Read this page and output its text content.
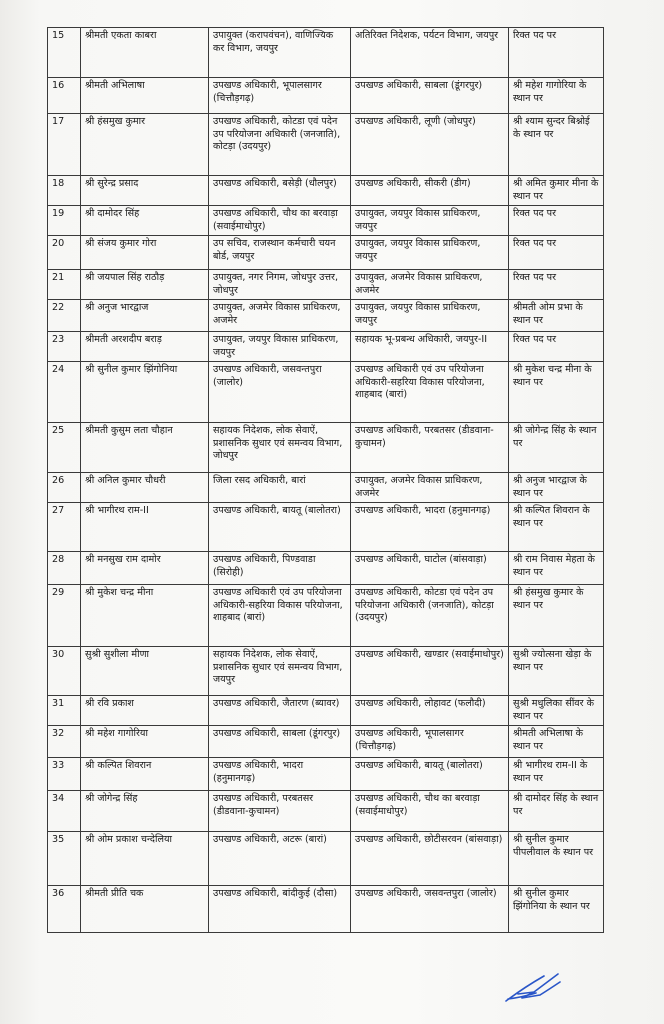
15	श्रीमती एकता काबरा	उपायुक्त (करापवंचन), वाणिज्यिक कर विभाग, जयपुर	अतिरिक्त निदेशक, पर्यटन विभाग, जयपुर	रिक्त पद पर
16	श्रीमती अभिलाषा	उपखण्ड अधिकारी, भूपालसागर (चित्तौड़गढ़)	उपखण्ड अधिकारी, साबला (डूंगरपुर)	श्री महेश गागोरिया के स्थान पर
17	श्री हंसमुख कुमार	उपखण्ड अधिकारी, कोटडा एवं पदेन उप परियोजना अधिकारी (जनजाति), कोटड़ा (उदयपुर)	उपखण्ड अधिकारी, लूणी (जोधपुर)	श्री श्याम सुन्दर बिश्नोई के स्थान पर
18	श्री सुरेन्द्र प्रसाद	उपखण्ड अधिकारी, बसेड़ी (धौलपुर)	उपखण्ड अधिकारी, सीकरी (डीग)	श्री अमित कुमार मीना के स्थान पर
19	श्री दामोदर सिंह	उपखण्ड अधिकारी, चौथ का बरवाड़ा (सवाईमाधोपुर)	उपायुक्त, जयपुर विकास प्राधिकरण, जयपुर	रिक्त पद पर
20	श्री संजय कुमार गोरा	उप सचिव, राजस्थान कर्मचारी चयन बोर्ड, जयपुर	उपायुक्त, जयपुर विकास प्राधिकरण, जयपुर	रिक्त पद पर
21	श्री जयपाल सिंह राठौड़	उपायुक्त, नगर निगम, जोधपुर उत्तर, जोधपुर	उपायुक्त, अजमेर विकास प्राधिकरण, अजमेर	रिक्त पद पर
22	श्री अनुज भारद्वाज	उपायुक्त, अजमेर विकास प्राधिकरण, अजमेर	उपायुक्त, जयपुर विकास प्राधिकरण, जयपुर	श्रीमती ओम प्रभा के स्थान पर
23	श्रीमती अरशदीप बराड़	उपायुक्त, जयपुर विकास प्राधिकरण, जयपुर	सहायक भू-प्रबन्ध अधिकारी, जयपुर-II	रिक्त पद पर
24	श्री सुनील कुमार झिंगोनिया	उपखण्ड अधिकारी, जसवन्तपुरा (जालोर)	उपखण्ड अधिकारी एवं उप परियोजना अधिकारी-सहरिया विकास परियोजना, शाहबाद (बारां)	श्री मुकेश चन्द्र मीना के स्थान पर
25	श्रीमती कुसुम लता चौहान	सहायक निदेशक, लोक सेवाऐं, प्रशासनिक सुधार एवं समन्वय विभाग, जोधपुर	उपखण्ड अधिकारी, परबतसर (डीडवाना-कुचामन)	श्री जोगेन्द्र सिंह के स्थान पर
26	श्री अनिल कुमार चौधरी	जिला रसद अधिकारी, बारां	उपायुक्त, अजमेर विकास प्राधिकरण, अजमेर	श्री अनुज भारद्वाज के स्थान पर
27	श्री भागीरथ राम-II	उपखण्ड अधिकारी, बायतू (बालोतरा)	उपखण्ड अधिकारी, भादरा (हनुमानगढ़)	श्री कल्पित शिवरान के स्थान पर
28	श्री मनसुख राम दामोर	उपखण्ड अधिकारी, पिण्डवाडा (सिरोही)	उपखण्ड अधिकारी, घाटोल (बांसवाड़ा)	श्री राम निवास मेहता के स्थान पर
29	श्री मुकेश चन्द्र मीना	उपखण्ड अधिकारी एवं उप परियोजना अधिकारी-सहरिया विकास परियोजना, शाहबाद (बारां)	उपखण्ड अधिकारी, कोटडा एवं पदेन उप परियोजना अधिकारी (जनजाति), कोटड़ा (उदयपुर)	श्री हंसमुख कुमार के स्थान पर
30	सुश्री सुशीला मीणा	सहायक निदेशक, लोक सेवाऐं, प्रशासनिक सुधार एवं समन्वय विभाग, जयपुर	उपखण्ड अधिकारी, खण्डार (सवाईमाधोपुर)	सुश्री ज्योत्सना खेड़ा के स्थान पर
31	श्री रवि प्रकाश	उपखण्ड अधिकारी, जैतारण (ब्यावर)	उपखण्ड अधिकारी, लोहावट (फलौदी)	सुश्री मधुलिका सींवर के स्थान पर
32	श्री महेश गागोरिया	उपखण्ड अधिकारी, साबला (डूंगरपुर)	उपखण्ड अधिकारी, भूपालसागर (चित्तौड़गढ़)	श्रीमती अभिलाषा के स्थान पर
33	श्री कल्पित शिवरान	उपखण्ड अधिकारी, भादरा (हनुमानगढ़)	उपखण्ड अधिकारी, बायतू (बालोतरा)	श्री भागीरथ राम-II के स्थान पर
34	श्री जोगेन्द्र सिंह	उपखण्ड अधिकारी, परबतसर (डीडवाना-कुचामन)	उपखण्ड अधिकारी, चौथ का बरवाड़ा (सवाईमाधोपुर)	श्री दामोदर सिंह के स्थान पर
35	श्री ओम प्रकाश चन्देलिया	उपखण्ड अधिकारी, अटरू (बारां)	उपखण्ड अधिकारी, छोटीसरवन (बांसवाड़ा)	श्री सुनील कुमार पीपलीवाल के स्थान पर
36	श्रीमती प्रीति चक	उपखण्ड अधिकारी, बांदीकुई (दौसा)	उपखण्ड अधिकारी, जसवन्तपुरा (जालोर)	श्री सुनील कुमार झिंगोनिया के स्थान पर
